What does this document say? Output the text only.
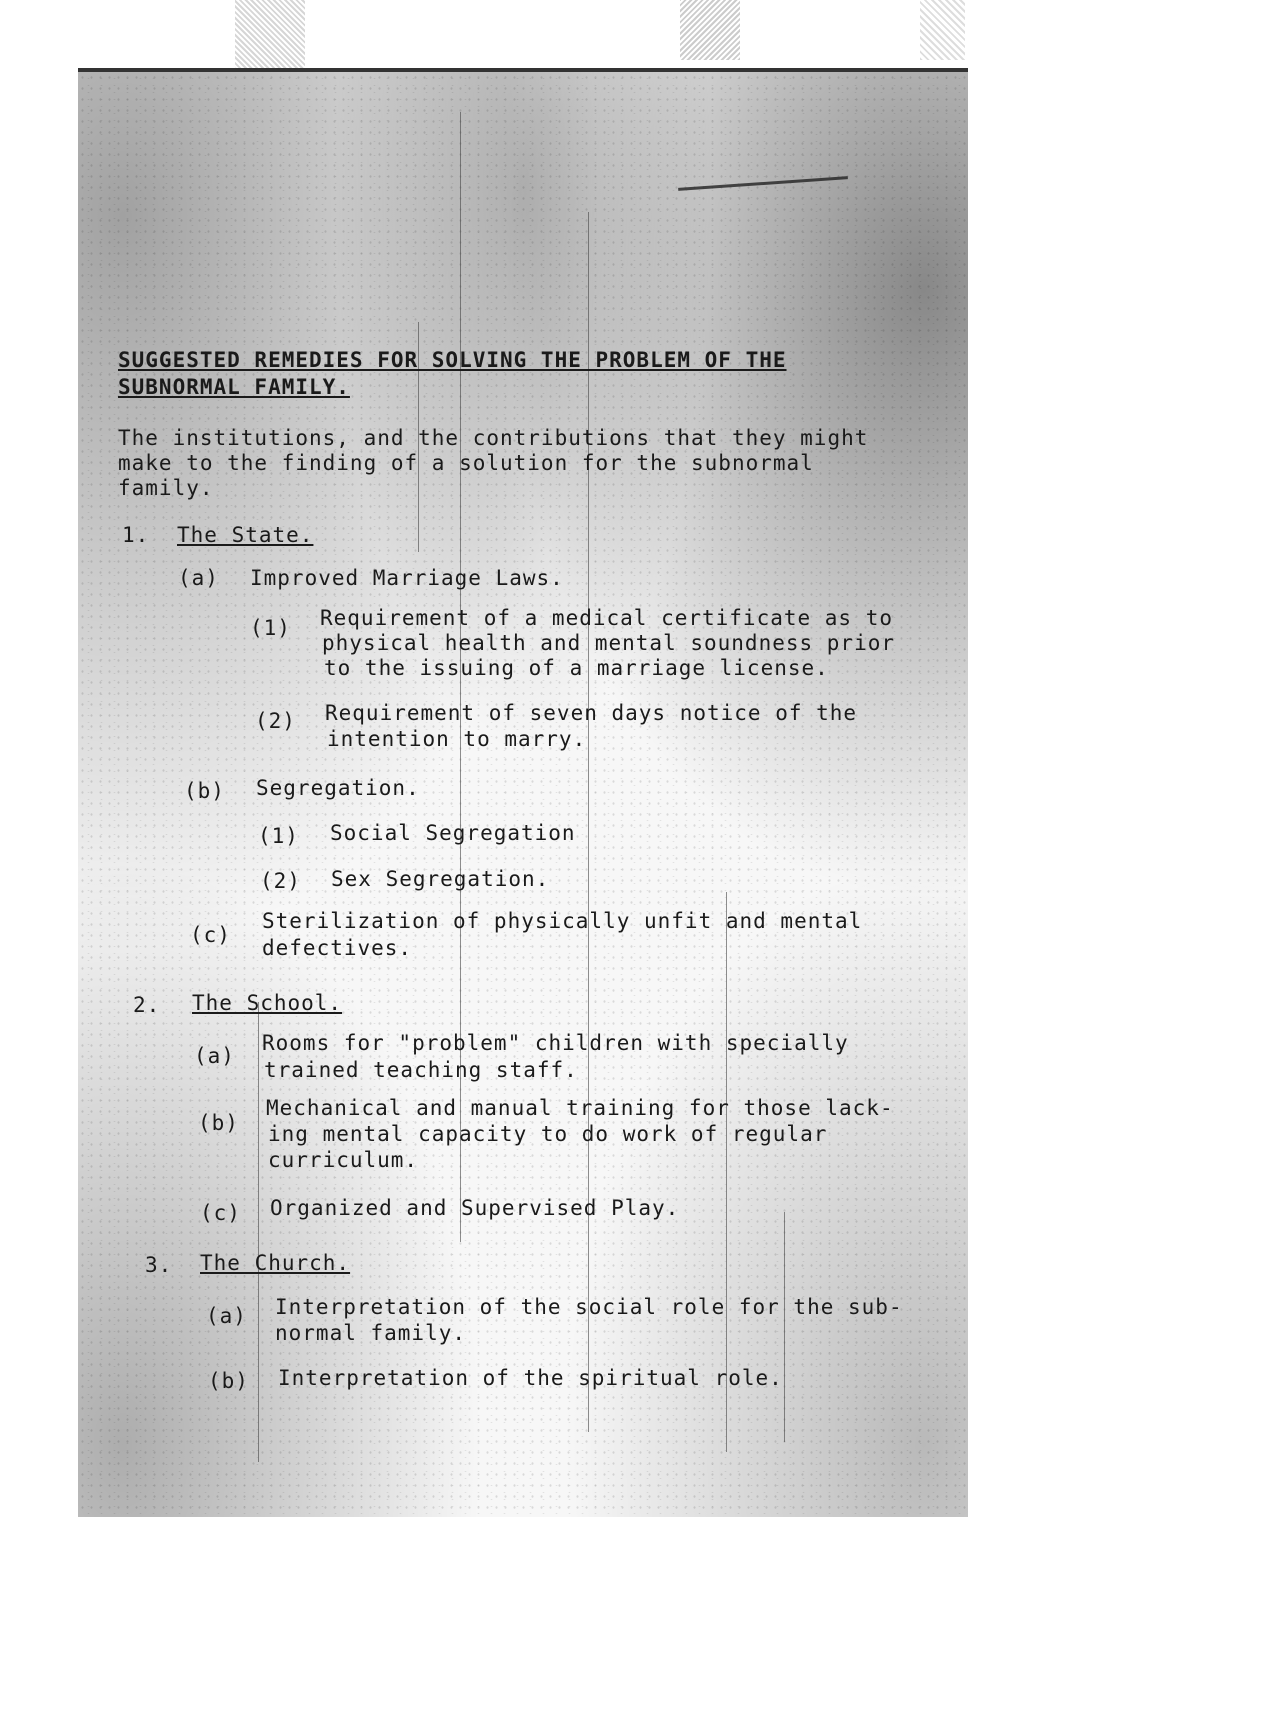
SUGGESTED REMEDIES FOR SOLVING THE PROBLEM OF THE
SUBNORMAL FAMILY.
The institutions, and the contributions that they might
make to the finding of a solution for the subnormal
family.
1. The State.
(a) Improved Marriage Laws.
(1) Requirement of a medical certificate as to
physical health and mental soundness prior
to the issuing of a marriage license.
(2) Requirement of seven days notice of the
intention to marry.
(b) Segregation.
(1) Social Segregation
(2) Sex Segregation.
(c)
Sterilization of physically unfit and mental
defectives.
2. The School.
(a)
Rooms for "problem" children with specially
trained teaching staff.
(b)
Mechanical and manual training for those lack-
ing mental capacity to do work of regular
curriculum.
(c) Organized and Supervised Play.
3. The Church.
(a) Interpretation of the social role for the sub-
normal family.
(b) Interpretation of the spiritual role.
